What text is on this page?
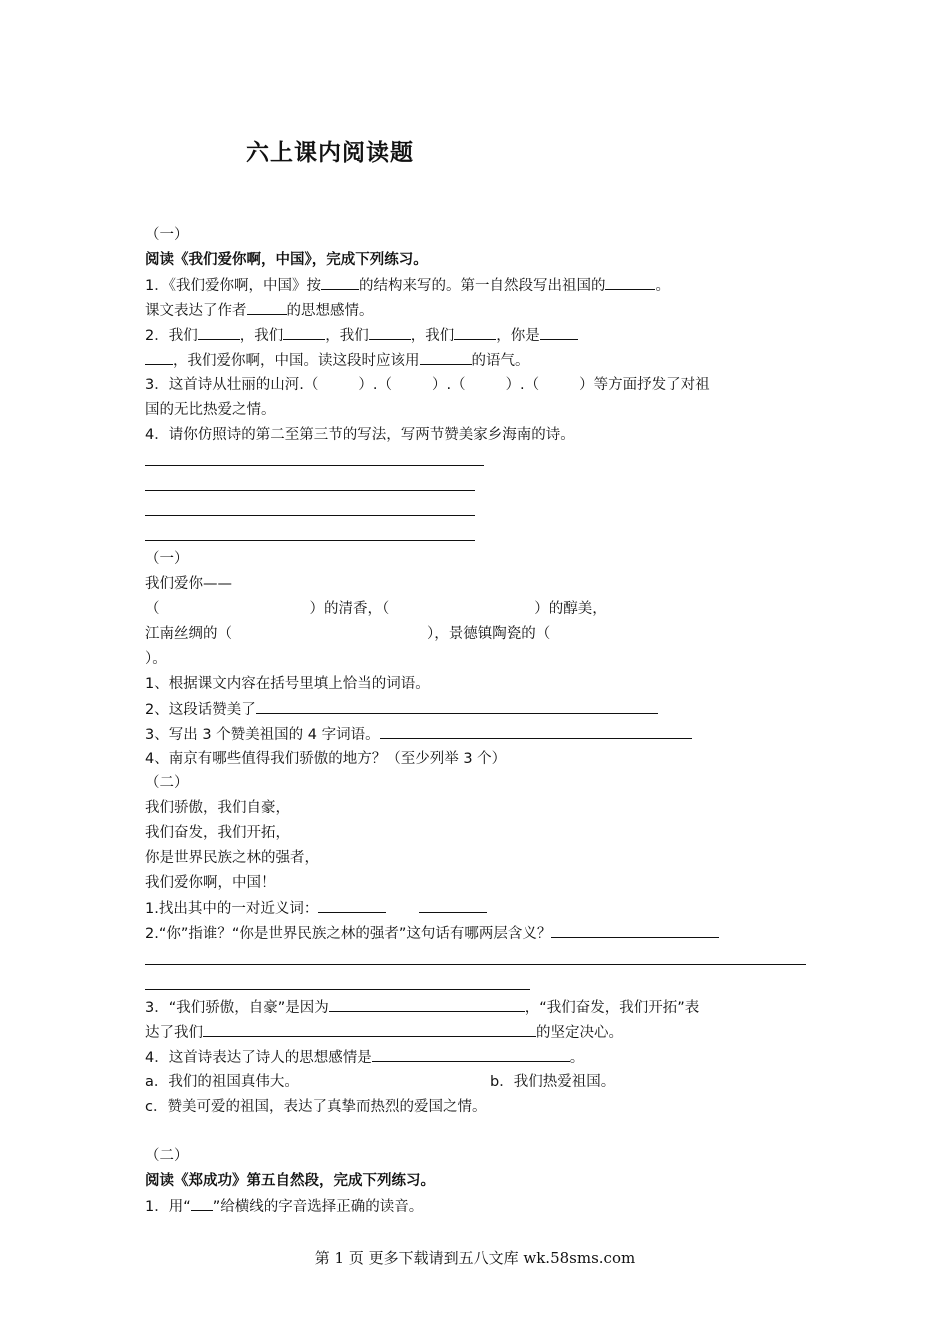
六上课内阅读题
（一）
阅读《我们爱你啊，中国》，完成下列练习。
1．《我们爱你啊，中国》按	的结构来写的。第一自然段写出祖国的	。
课文表达了作者	的思想感情。
2．我们	，我们	，我们	，我们	，你是
，我们爱你啊，中国。读这段时应该用	的语气。
3．这首诗从壮丽的山河.（	）.（	）.（	）.（	）等方面抒发了对祖
国的无比热爱之情。
4．请你仿照诗的第二至第三节的写法，写两节赞美家乡海南的诗。
（一）
我们爱你——
（	）的清香，（	）的醇美，
江南丝绸的（	），景德镇陶瓷的（
）。
1、根据课文内容在括号里填上恰当的词语。
2、这段话赞美了
3、写出 3 个赞美祖国的 4 字词语。
4、南京有哪些值得我们骄傲的地方？（至少列举 3 个）
（二）
我们骄傲，我们自豪，
我们奋发，我们开拓，
你是世界民族之林的强者，
我们爱你啊，中国！
1.找出其中的一对近义词：
2.“你”指谁？“你是世界民族之林的强者”这句话有哪两层含义？
3．“我们骄傲，自豪”是因为	，“我们奋发，我们开拓”表
达了我们	的坚定决心。
4．这首诗表达了诗人的思想感情是	。
a．我们的祖国真伟大。	b．我们热爱祖国。
c．赞美可爱的祖国，表达了真挚而热烈的爱国之情。
（二）
阅读《郑成功》第五自然段，完成下列练习。
1．用“ ”给横线的字音选择正确的读音。
第 1 页 更多下载请到五八文库 wk.58sms.com
